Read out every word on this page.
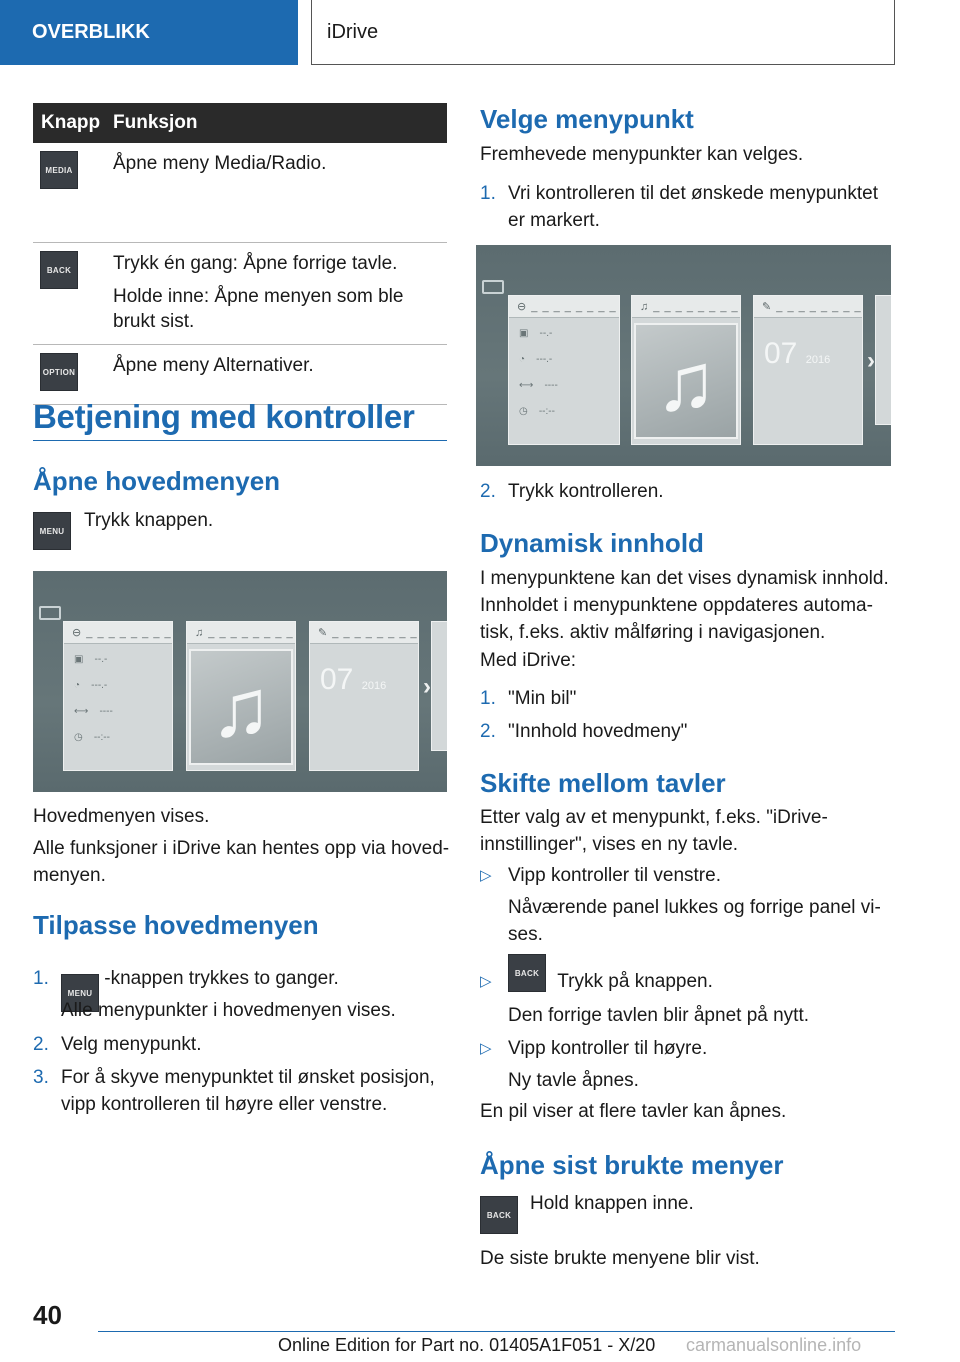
OVERBLIKK	iDrive
Knapp	Funksjon
MEDIA	Åpne meny Media/Radio.

BACK	Trykk én gang: Åpne forrige tavle.

Holde inne: Åpne menyen som ble brukt sist.

OPTION	Åpne meny Alternativer.

Betjening med kontroller
Åpne hovedmenyen
MENU
Trykk knappen.
⊖ _ _ _ _ _ _ _ _
▣    --.-
◔    ---.-
⟷    ----
◷    --:--
♫ _ _ _ _ _ _ _ _
♫
✎ _ _ _ _ _ _ _ _
07 2016 ›
Hovedmenyen vises.
Alle funksjoner i iDrive kan hentes opp via hoved-menyen.
Tilpasse hovedmenyen
1.
MENU -knappen trykkes to ganger.
Alle menypunkter i hovedmenyen vises.
2. Velg menypunkt.
3. For å skyve menypunktet til ønsket posisjon, vipp kontrolleren til høyre eller venstre.
Velge menypunkt
Fremhevede menypunkter kan velges.
1. Vri kontrolleren til det ønskede menypunktet er markert.
⊖ _ _ _ _ _ _ _ _
▣    --.-
◔    ---.-
⟷    ----
◷    --:--
♫ _ _ _ _ _ _ _ _
♫
✎ _ _ _ _ _ _ _ _
07 2016 ›
2. Trykk kontrolleren.
Dynamisk innhold
I menypunktene kan det vises dynamisk innhold. Innholdet i menypunktene oppdateres automa-tisk, f.eks. aktiv målføring i navigasjonen.
Med iDrive:
1. "Min bil"
2. "Innhold hovedmeny"
Skifte mellom tavler
Etter valg av et menypunkt, f.eks. "iDrive-innstillinger", vises en ny tavle.
▷ Vipp kontroller til venstre.
Nåværende panel lukkes og forrige panel vi-ses.
▷	BACK Trykk på knappen.
Den forrige tavlen blir åpnet på nytt.
▷ Vipp kontroller til høyre.
Ny tavle åpnes.
En pil viser at flere tavler kan åpnes.
Åpne sist brukte menyer
BACK
Hold knappen inne.
De siste brukte menyene blir vist.
40
Online Edition for Part no. 01405A1F051 - X/20 carmanualsonline.info
